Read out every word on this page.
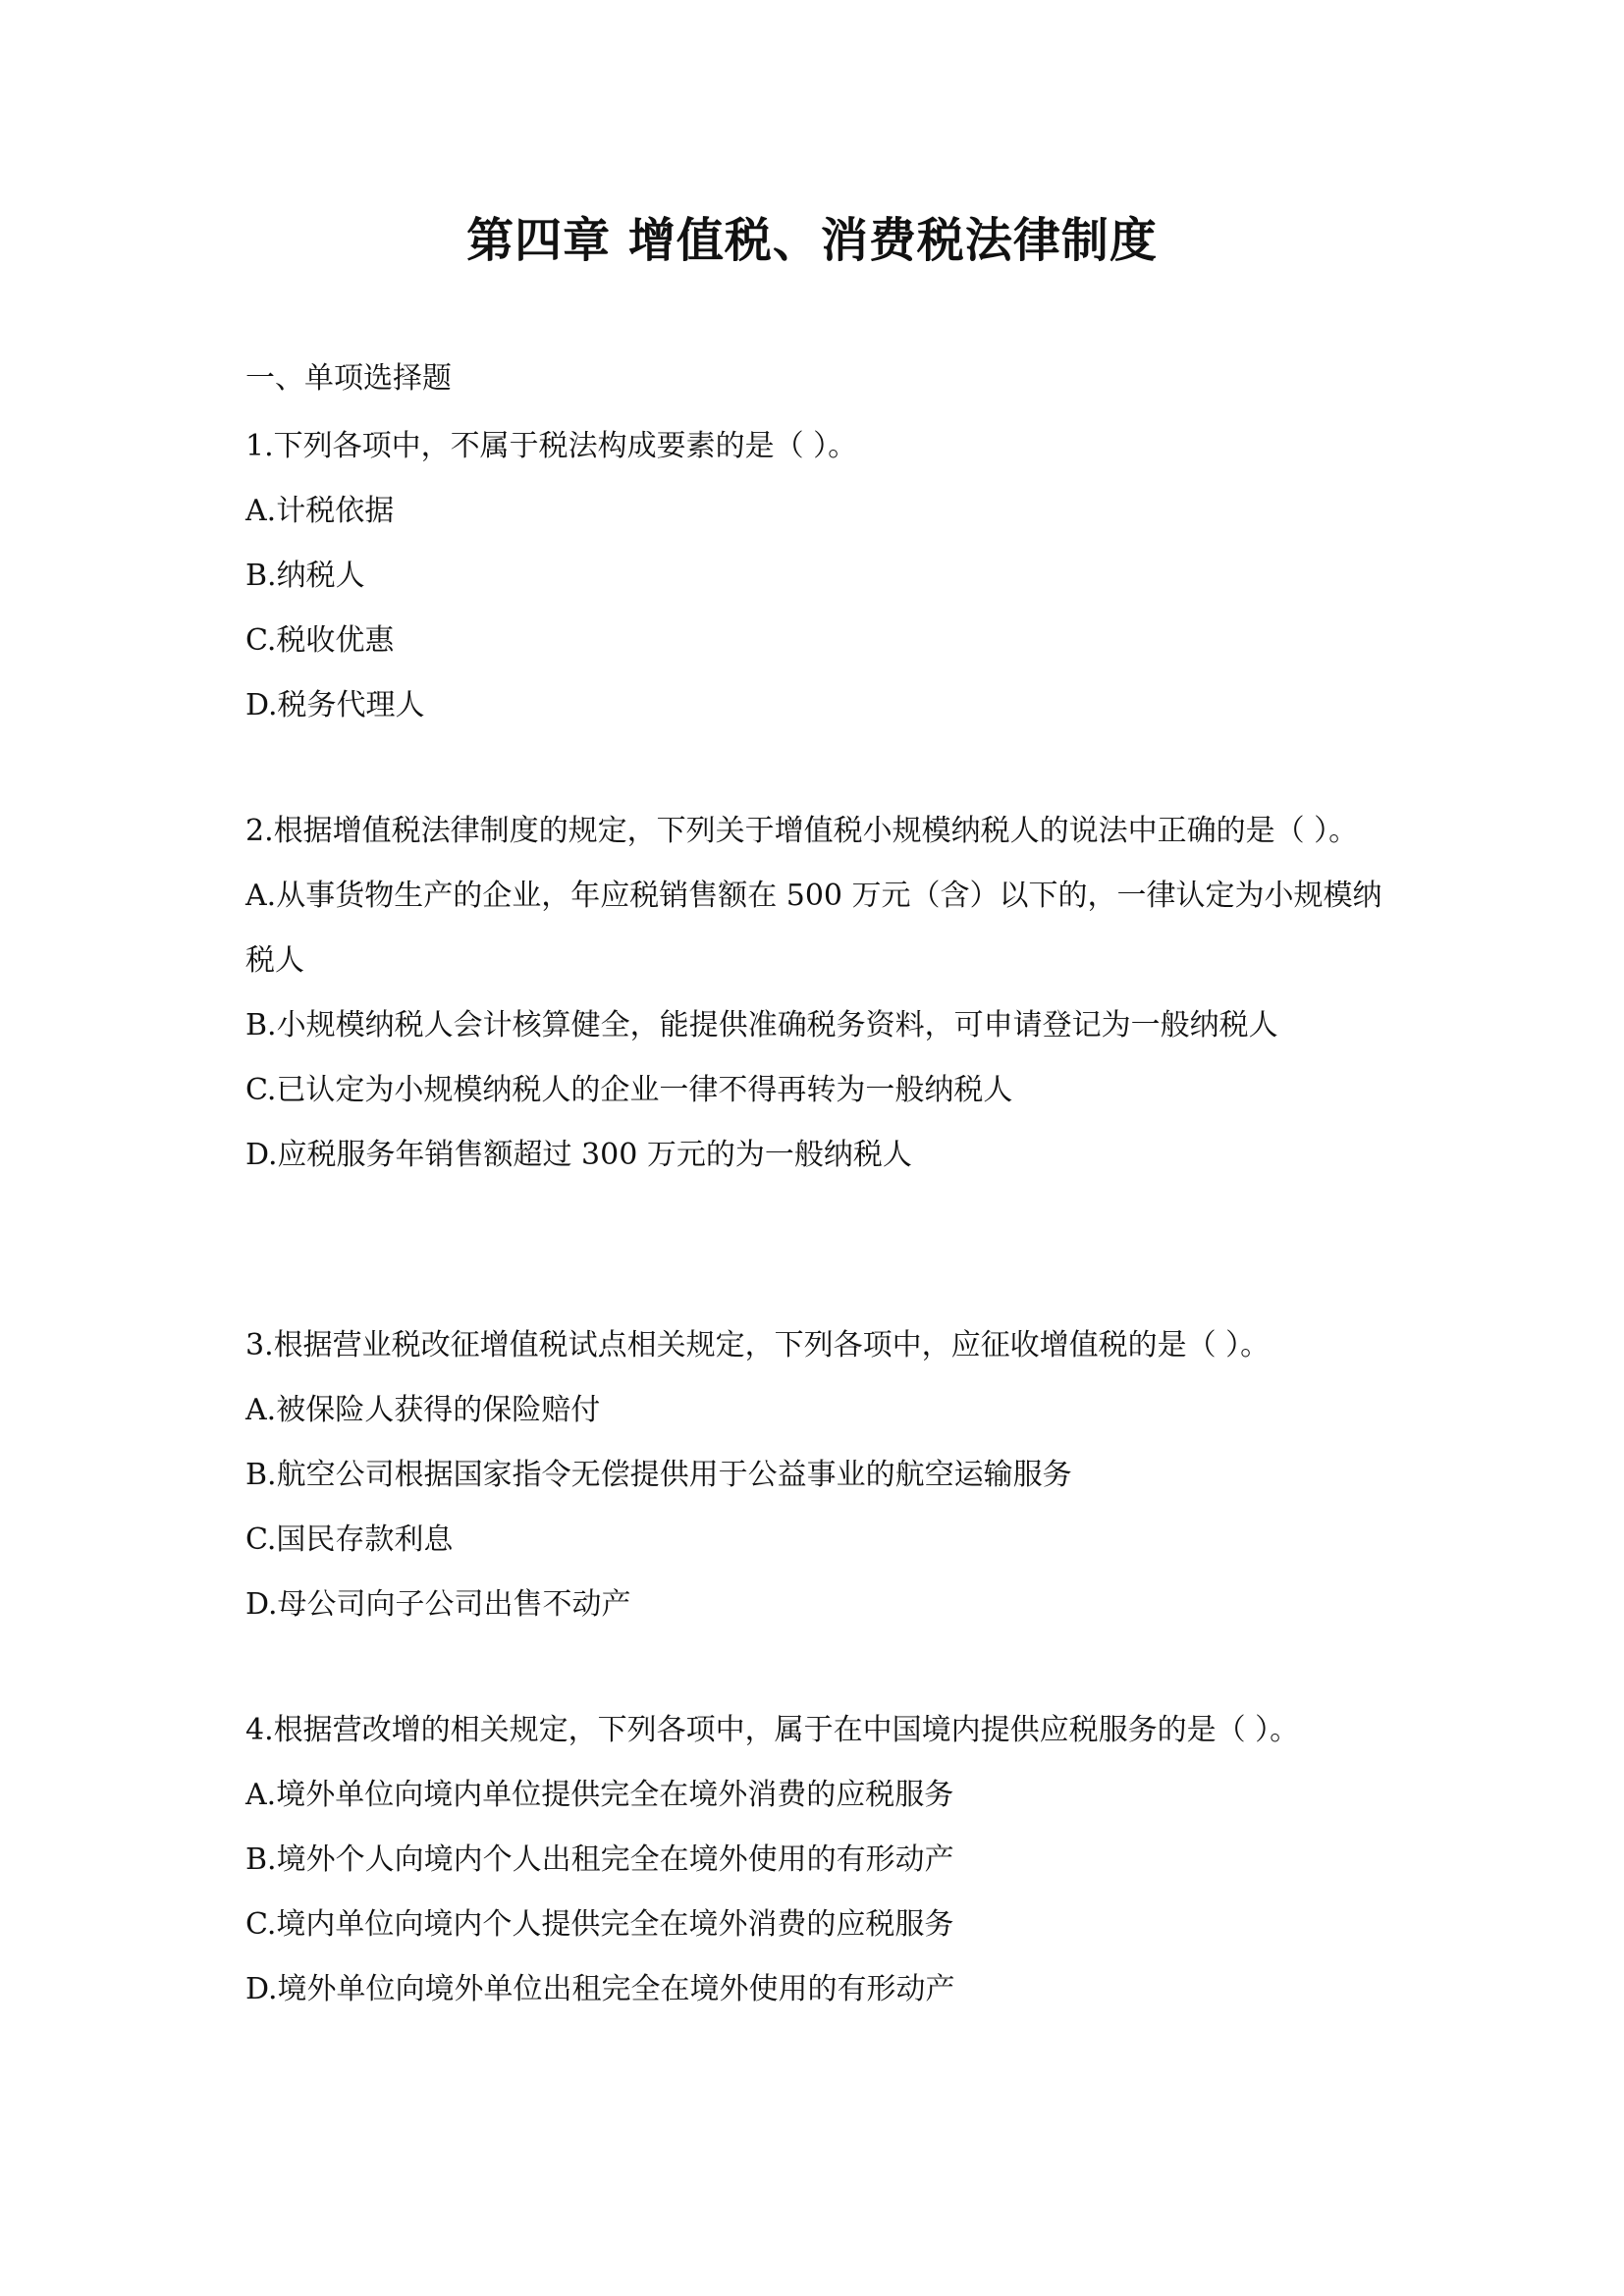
第四章 增值税、消费税法律制度

一、单项选择题

1.下列各项中，不属于税法构成要素的是（ ）。

A.计税依据

B.纳税人

C.税收优惠

D.税务代理人

2.根据增值税法律制度的规定，下列关于增值税小规模纳税人的说法中正确的是（ ）。

A.从事货物生产的企业，年应税销售额在 500 万元（含）以下的，一律认定为小规模纳税人

B.小规模纳税人会计核算健全，能提供准确税务资料，可申请登记为一般纳税人

C.已认定为小规模纳税人的企业一律不得再转为一般纳税人

D.应税服务年销售额超过 300 万元的为一般纳税人

3.根据营业税改征增值税试点相关规定，下列各项中，应征收增值税的是（ ）。

A.被保险人获得的保险赔付

B.航空公司根据国家指令无偿提供用于公益事业的航空运输服务

C.国民存款利息

D.母公司向子公司出售不动产

4.根据营改增的相关规定，下列各项中，属于在中国境内提供应税服务的是（ ）。

A.境外单位向境内单位提供完全在境外消费的应税服务

B.境外个人向境内个人出租完全在境外使用的有形动产

C.境内单位向境内个人提供完全在境外消费的应税服务

D.境外单位向境外单位出租完全在境外使用的有形动产
